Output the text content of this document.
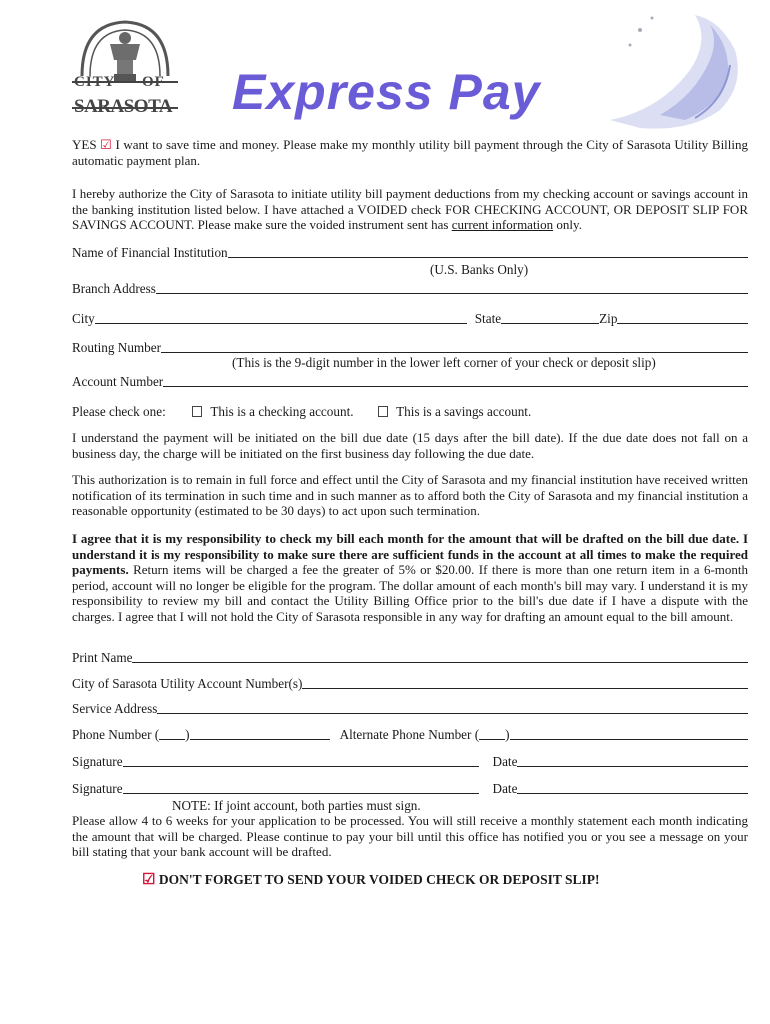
CITY OF
SARASOTA Express Pay
YES ☑ I want to save time and money. Please make my monthly utility bill payment through the City of Sarasota Utility Billing automatic payment plan.
I hereby authorize the City of Sarasota to initiate utility bill payment deductions from my checking account or savings account in the banking institution listed below. I have attached a VOIDED check FOR CHECKING ACCOUNT, OR DEPOSIT SLIP FOR SAVINGS ACCOUNT. Please make sure the voided instrument sent has current information only.
Name of Financial Institution
(U.S. Banks Only)
Branch Address
City	State	Zip
Routing Number
(This is the 9-digit number in the lower left corner of your check or deposit slip)
Account Number
Please check one:	This is a checking account.	This is a savings account.
I understand the payment will be initiated on the bill due date (15 days after the bill date). If the due date does not fall on a business day, the charge will be initiated on the first business day following the due date.
This authorization is to remain in full force and effect until the City of Sarasota and my financial institution have received written notification of its termination in such time and in such manner as to afford both the City of Sarasota and my financial institution a reasonable opportunity (estimated to be 30 days) to act upon such termination.
I agree that it is my responsibility to check my bill each month for the amount that will be drafted on the bill due date. I understand it is my responsibility to make sure there are sufficient funds in the account at all times to make the required payments. Return items will be charged a fee the greater of 5% or $20.00. If there is more than one return item in a 6-month period, account will no longer be eligible for the program. The dollar amount of each month's bill may vary. I understand it is my responsibility to review my bill and contact the Utility Billing Office prior to the bill's due date if I have a dispute with the charges. I agree that I will not hold the City of Sarasota responsible in any way for drafting an amount equal to the bill amount.
Print Name
City of Sarasota Utility Account Number(s)
Service Address
Phone Number ( )	Alternate Phone Number ( )
Signature	Date
Signature	Date
NOTE: If joint account, both parties must sign.
Please allow 4 to 6 weeks for your application to be processed. You will still receive a monthly statement each month indicating the amount that will be charged. Please continue to pay your bill until this office has notified you or you see a message on your bill stating that your bank account will be drafted.
☑ DON'T FORGET TO SEND YOUR VOIDED CHECK OR DEPOSIT SLIP!
